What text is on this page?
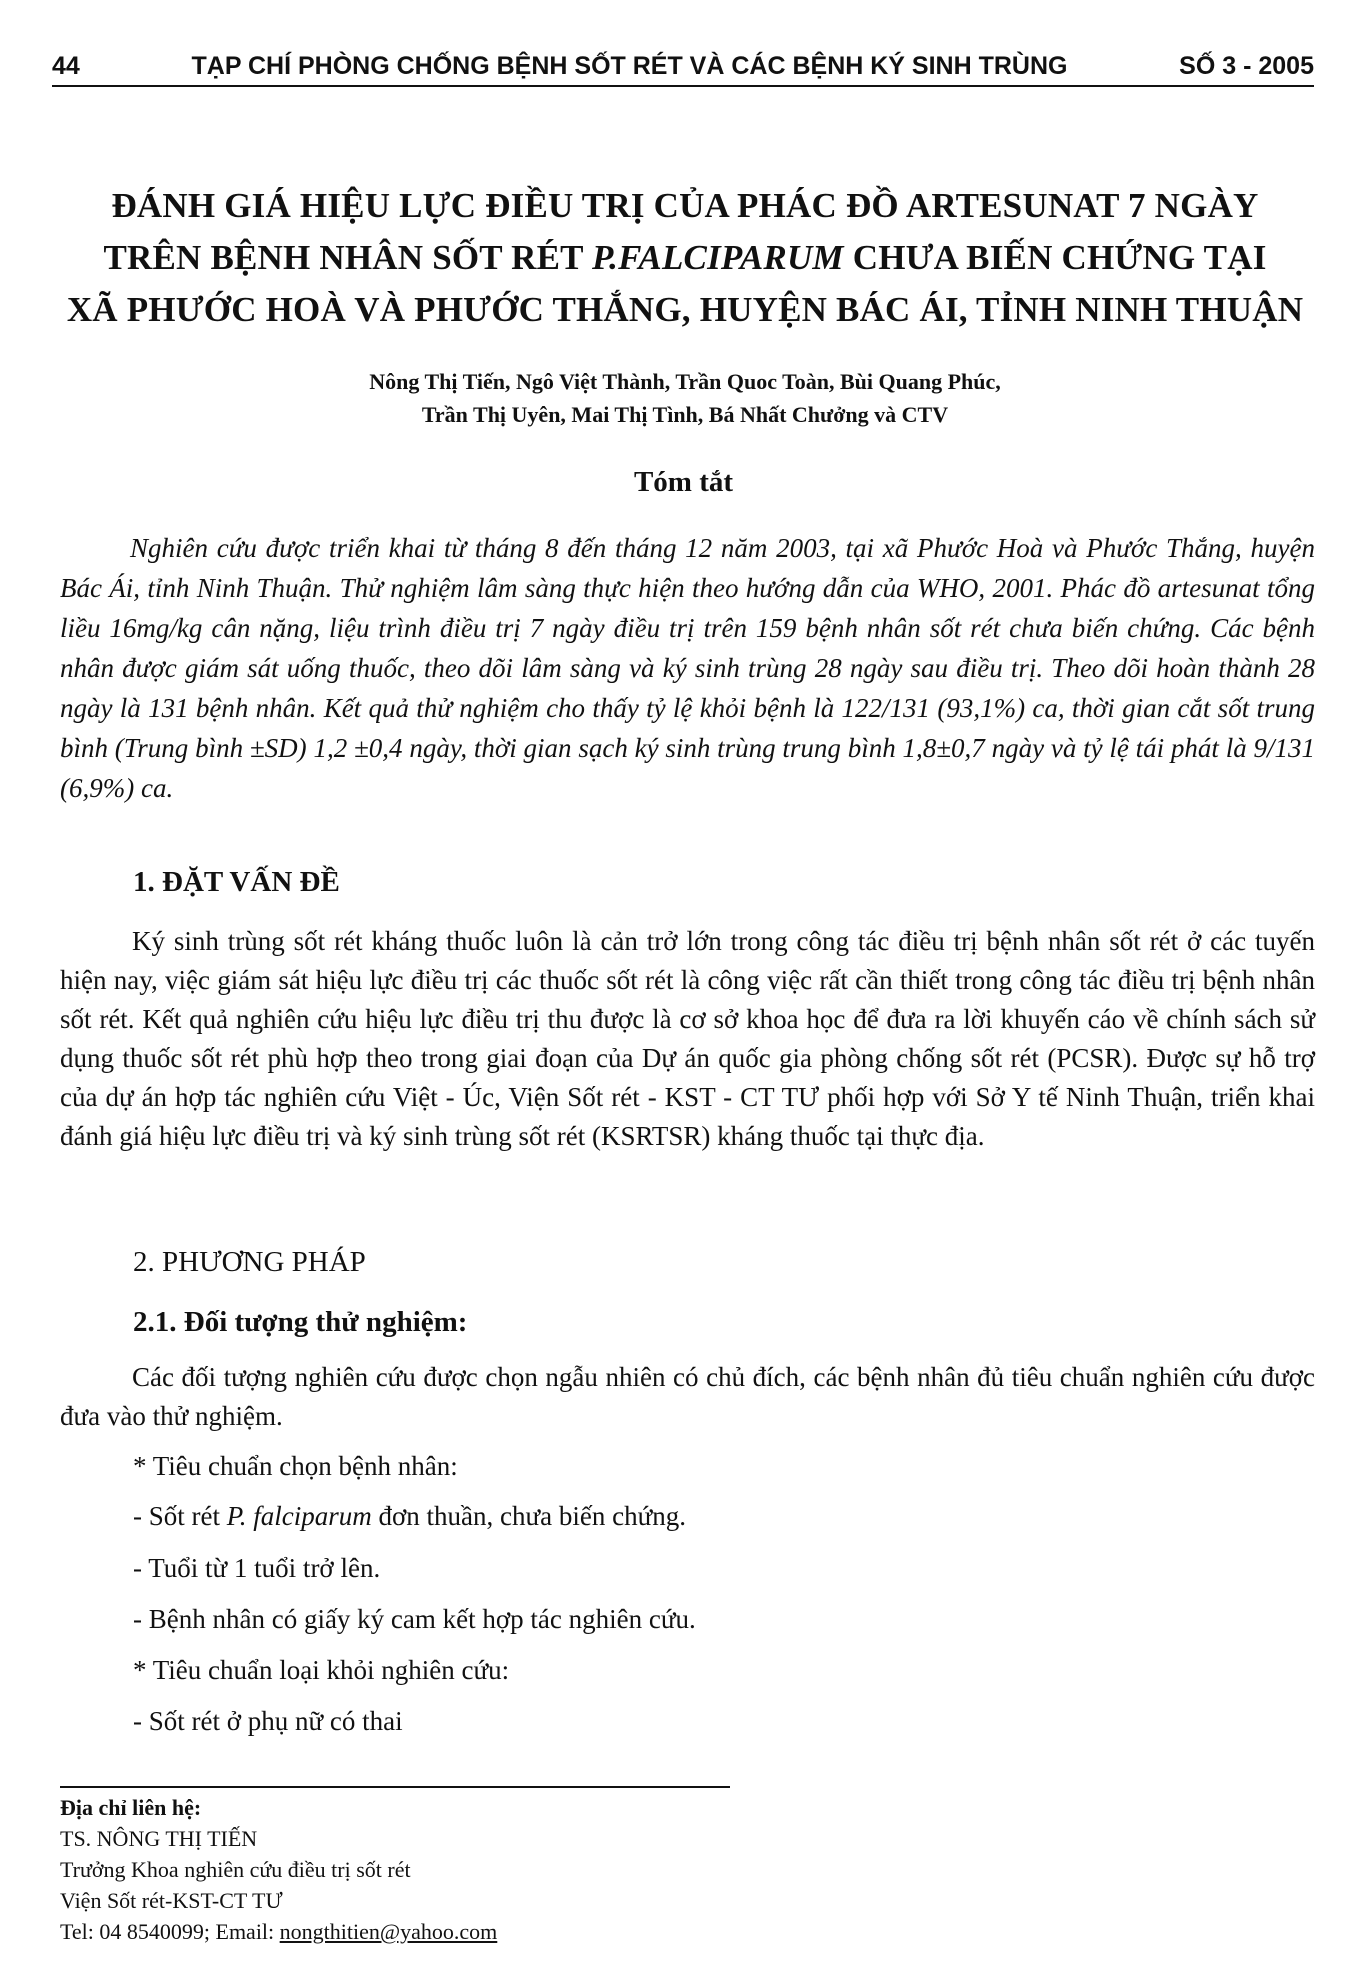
44	TẠP CHÍ PHÒNG CHỐNG BỆNH SỐT RÉT VÀ CÁC BỆNH KÝ SINH TRÙNG	SỐ 3 - 2005
ĐÁNH GIÁ HIỆU LỰC ĐIỀU TRỊ CỦA PHÁC ĐỒ ARTESUNAT 7 NGÀY
TRÊN BỆNH NHÂN SỐT RÉT P.FALCIPARUM CHƯA BIẾN CHỨNG TẠI
XÃ PHƯỚC HOÀ VÀ PHƯỚC THẮNG, HUYỆN BÁC ÁI, TỈNH NINH THUẬN
Nông Thị Tiến, Ngô Việt Thành, Trần Quoc Toàn, Bùi Quang Phúc,
Trần Thị Uyên, Mai Thị Tình, Bá Nhất Chưởng và CTV
Tóm tắt
Nghiên cứu được triển khai từ tháng 8 đến tháng 12 năm 2003, tại xã Phước Hoà và Phước Thắng, huyện Bác Ái, tỉnh Ninh Thuận. Thử nghiệm lâm sàng thực hiện theo hướng dẫn của WHO, 2001. Phác đồ artesunat tổng liều 16mg/kg cân nặng, liệu trình điều trị 7 ngày điều trị trên 159 bệnh nhân sốt rét chưa biến chứng. Các bệnh nhân được giám sát uống thuốc, theo dõi lâm sàng và ký sinh trùng 28 ngày sau điều trị. Theo dõi hoàn thành 28 ngày là 131 bệnh nhân. Kết quả thử nghiệm cho thấy tỷ lệ khỏi bệnh là 122/131 (93,1%) ca, thời gian cắt sốt trung bình (Trung bình ±SD) 1,2 ±0,4 ngày, thời gian sạch ký sinh trùng trung bình 1,8±0,7 ngày và tỷ lệ tái phát là 9/131 (6,9%) ca.
1. ĐẶT VẤN ĐỀ
Ký sinh trùng sốt rét kháng thuốc luôn là cản trở lớn trong công tác điều trị bệnh nhân sốt rét ở các tuyến hiện nay, việc giám sát hiệu lực điều trị các thuốc sốt rét là công việc rất cần thiết trong công tác điều trị bệnh nhân sốt rét. Kết quả nghiên cứu hiệu lực điều trị thu được là cơ sở khoa học để đưa ra lời khuyến cáo về chính sách sử dụng thuốc sốt rét phù hợp theo trong giai đoạn của Dự án quốc gia phòng chống sốt rét (PCSR). Được sự hỗ trợ của dự án hợp tác nghiên cứu Việt - Úc, Viện Sốt rét - KST - CT TƯ phối hợp với Sở Y tế Ninh Thuận, triển khai đánh giá hiệu lực điều trị và ký sinh trùng sốt rét (KSRTSR) kháng thuốc tại thực địa.
2. PHƯƠNG PHÁP
2.1. Đối tượng thử nghiệm:
Các đối tượng nghiên cứu được chọn ngẫu nhiên có chủ đích, các bệnh nhân đủ tiêu chuẩn nghiên cứu được đưa vào thử nghiệm.
* Tiêu chuẩn chọn bệnh nhân:
- Sốt rét P. falciparum đơn thuần, chưa biến chứng.
- Tuổi từ 1 tuổi trở lên.
- Bệnh nhân có giấy ký cam kết hợp tác nghiên cứu.
* Tiêu chuẩn loại khỏi nghiên cứu:
- Sốt rét ở phụ nữ có thai
Địa chỉ liên hệ:
TS. NÔNG THỊ TIẾN
Trưởng Khoa nghiên cứu điều trị sốt rét
Viện Sốt rét-KST-CT TƯ
Tel: 04 8540099; Email: nongthitien@yahoo.com
